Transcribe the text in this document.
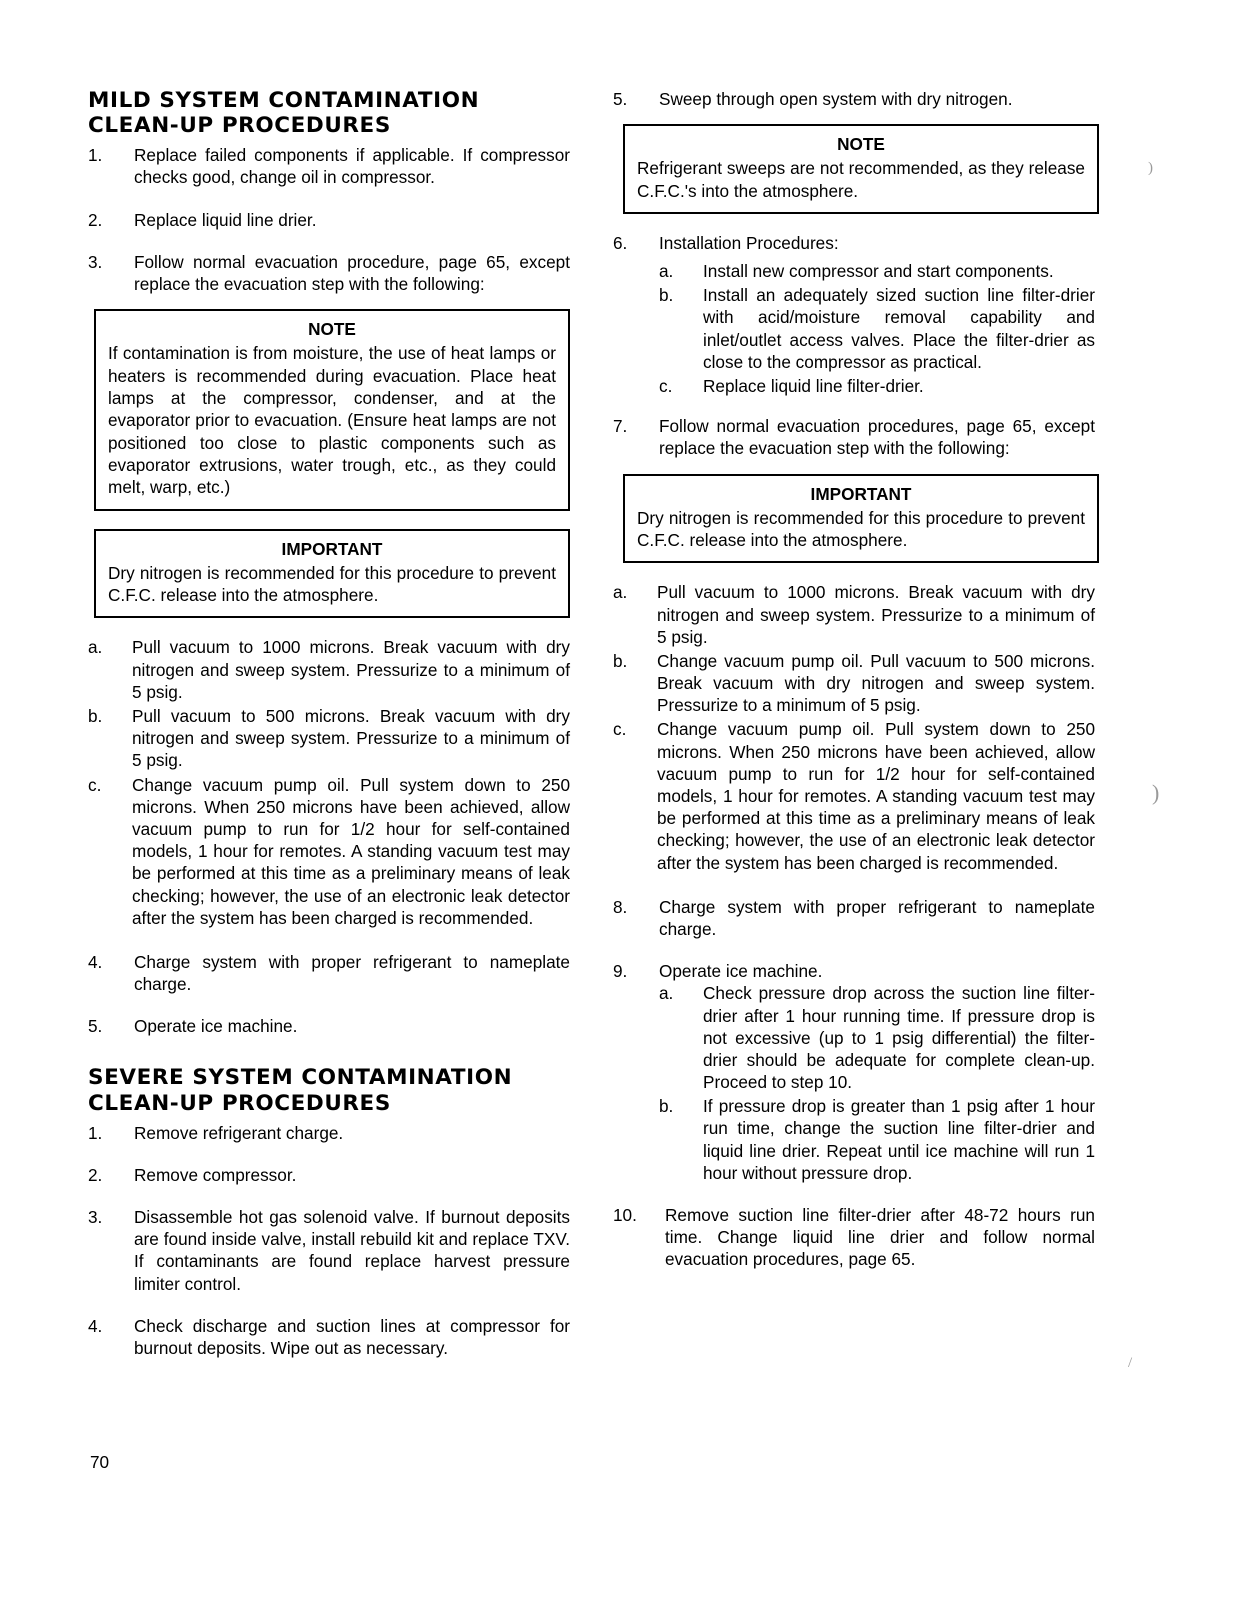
MILD SYSTEM CONTAMINATION
CLEAN-UP PROCEDURES
1.	Replace failed components if applicable. If compressor checks good, change oil in compressor.
2.	Replace liquid line drier.
3.	Follow normal evacuation procedure, page 65, except replace the evacuation step with the following:
NOTE
If contamination is from moisture, the use of heat lamps or heaters is recommended during evacuation. Place heat lamps at the compressor, condenser, and at the evaporator prior to evacuation. (Ensure heat lamps are not positioned too close to plastic components such as evaporator extrusions, water trough, etc., as they could melt, warp, etc.)
IMPORTANT
Dry nitrogen is recommended for this procedure to prevent C.F.C. release into the atmosphere.
a.	Pull vacuum to 1000 microns. Break vacuum with dry nitrogen and sweep system. Pressurize to a minimum of 5 psig.
b.	Pull vacuum to 500 microns. Break vacuum with dry nitrogen and sweep system. Pressurize to a minimum of 5 psig.
c.	Change vacuum pump oil. Pull system down to 250 microns. When 250 microns have been achieved, allow vacuum pump to run for 1/2 hour for self-contained models, 1 hour for remotes. A standing vacuum test may be performed at this time as a preliminary means of leak checking; however, the use of an electronic leak detector after the system has been charged is recommended.
4.	Charge system with proper refrigerant to nameplate charge.
5.	Operate ice machine.
SEVERE SYSTEM CONTAMINATION
CLEAN-UP PROCEDURES
1.	Remove refrigerant charge.
2.	Remove compressor.
3.	Disassemble hot gas solenoid valve. If burnout deposits are found inside valve, install rebuild kit and replace TXV. If contaminants are found replace harvest pressure limiter control.
4.	Check discharge and suction lines at compressor for burnout deposits. Wipe out as necessary.
5.	Sweep through open system with dry nitrogen.
NOTE
Refrigerant sweeps are not recommended, as they release C.F.C.'s into the atmosphere.
6.	Installation Procedures:
a.	Install new compressor and start components.
b.	Install an adequately sized suction line filter-drier with acid/moisture removal capability and inlet/outlet access valves. Place the filter-drier as close to the compressor as practical.
c.	Replace liquid line filter-drier.
7.	Follow normal evacuation procedures, page 65, except replace the evacuation step with the following:
IMPORTANT
Dry nitrogen is recommended for this procedure to prevent C.F.C. release into the atmosphere.
a.	Pull vacuum to 1000 microns. Break vacuum with dry nitrogen and sweep system. Pressurize to a minimum of 5 psig.
b.	Change vacuum pump oil. Pull vacuum to 500 microns. Break vacuum with dry nitrogen and sweep system. Pressurize to a minimum of 5 psig.
c.	Change vacuum pump oil. Pull system down to 250 microns. When 250 microns have been achieved, allow vacuum pump to run for 1/2 hour for self-contained models, 1 hour for remotes. A standing vacuum test may be performed at this time as a preliminary means of leak checking; however, the use of an electronic leak detector after the system has been charged is recommended.
8.	Charge system with proper refrigerant to nameplate charge.
9.	Operate ice machine.
a.	Check pressure drop across the suction line filter-drier after 1 hour running time. If pressure drop is not excessive (up to 1 psig differential) the filter-drier should be adequate for complete clean-up. Proceed to step 10.
b.	If pressure drop is greater than 1 psig after 1 hour run time, change the suction line filter-drier and liquid line drier. Repeat until ice machine will run 1 hour without pressure drop.
10.	Remove suction line filter-drier after 48-72 hours run time. Change liquid line drier and follow normal evacuation procedures, page 65.
70
)
)
/
